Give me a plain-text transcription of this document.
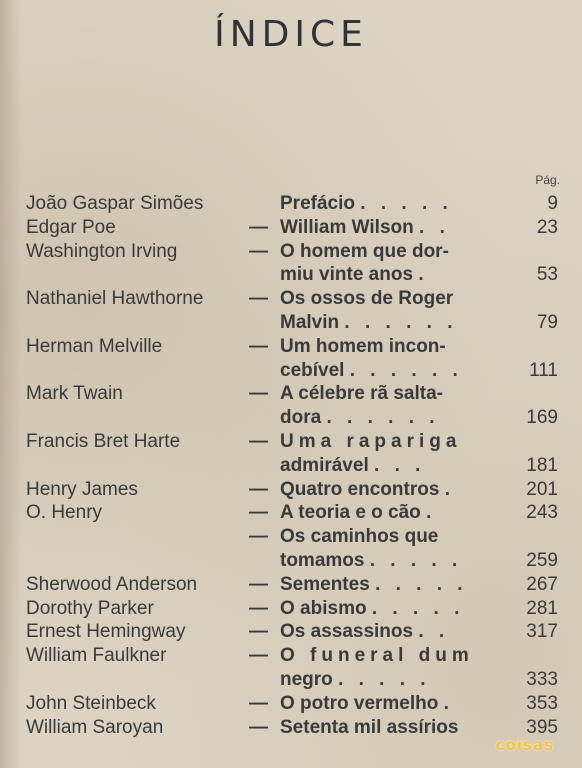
ÍNDICE
Pág.
João Gaspar Simões	Prefácio . . . . .	9
Edgar Poe	— William Wilson . .	23
Washington Irving	— O homem que dor-
miu vinte anos .	53
Nathaniel Hawthorne — Os ossos de Roger
Malvin . . . . . .	79
Herman Melville	— Um homem incon-
cebível . . . . . .	111
Mark Twain	— A célebre rã salta-
dora . . . . . .	169
Francis Bret Harte	— Uma rapariga
admirável . . .	181
Henry James	— Quatro encontros .	201
O. Henry	— A teoria e o cão .	243
— Os caminhos que
tomamos . . . . .	259
Sherwood Anderson	— Sementes . . . . .	267
Dorothy Parker	— O abismo . . . . .	281
Ernest Hemingway	— Os assassinos . .	317
William Faulkner	— O funeral dum
negro . . . . .	333
John Steinbeck	— O potro vermelho .	353
William Saroyan	— Setenta mil assírios	395
coisas
